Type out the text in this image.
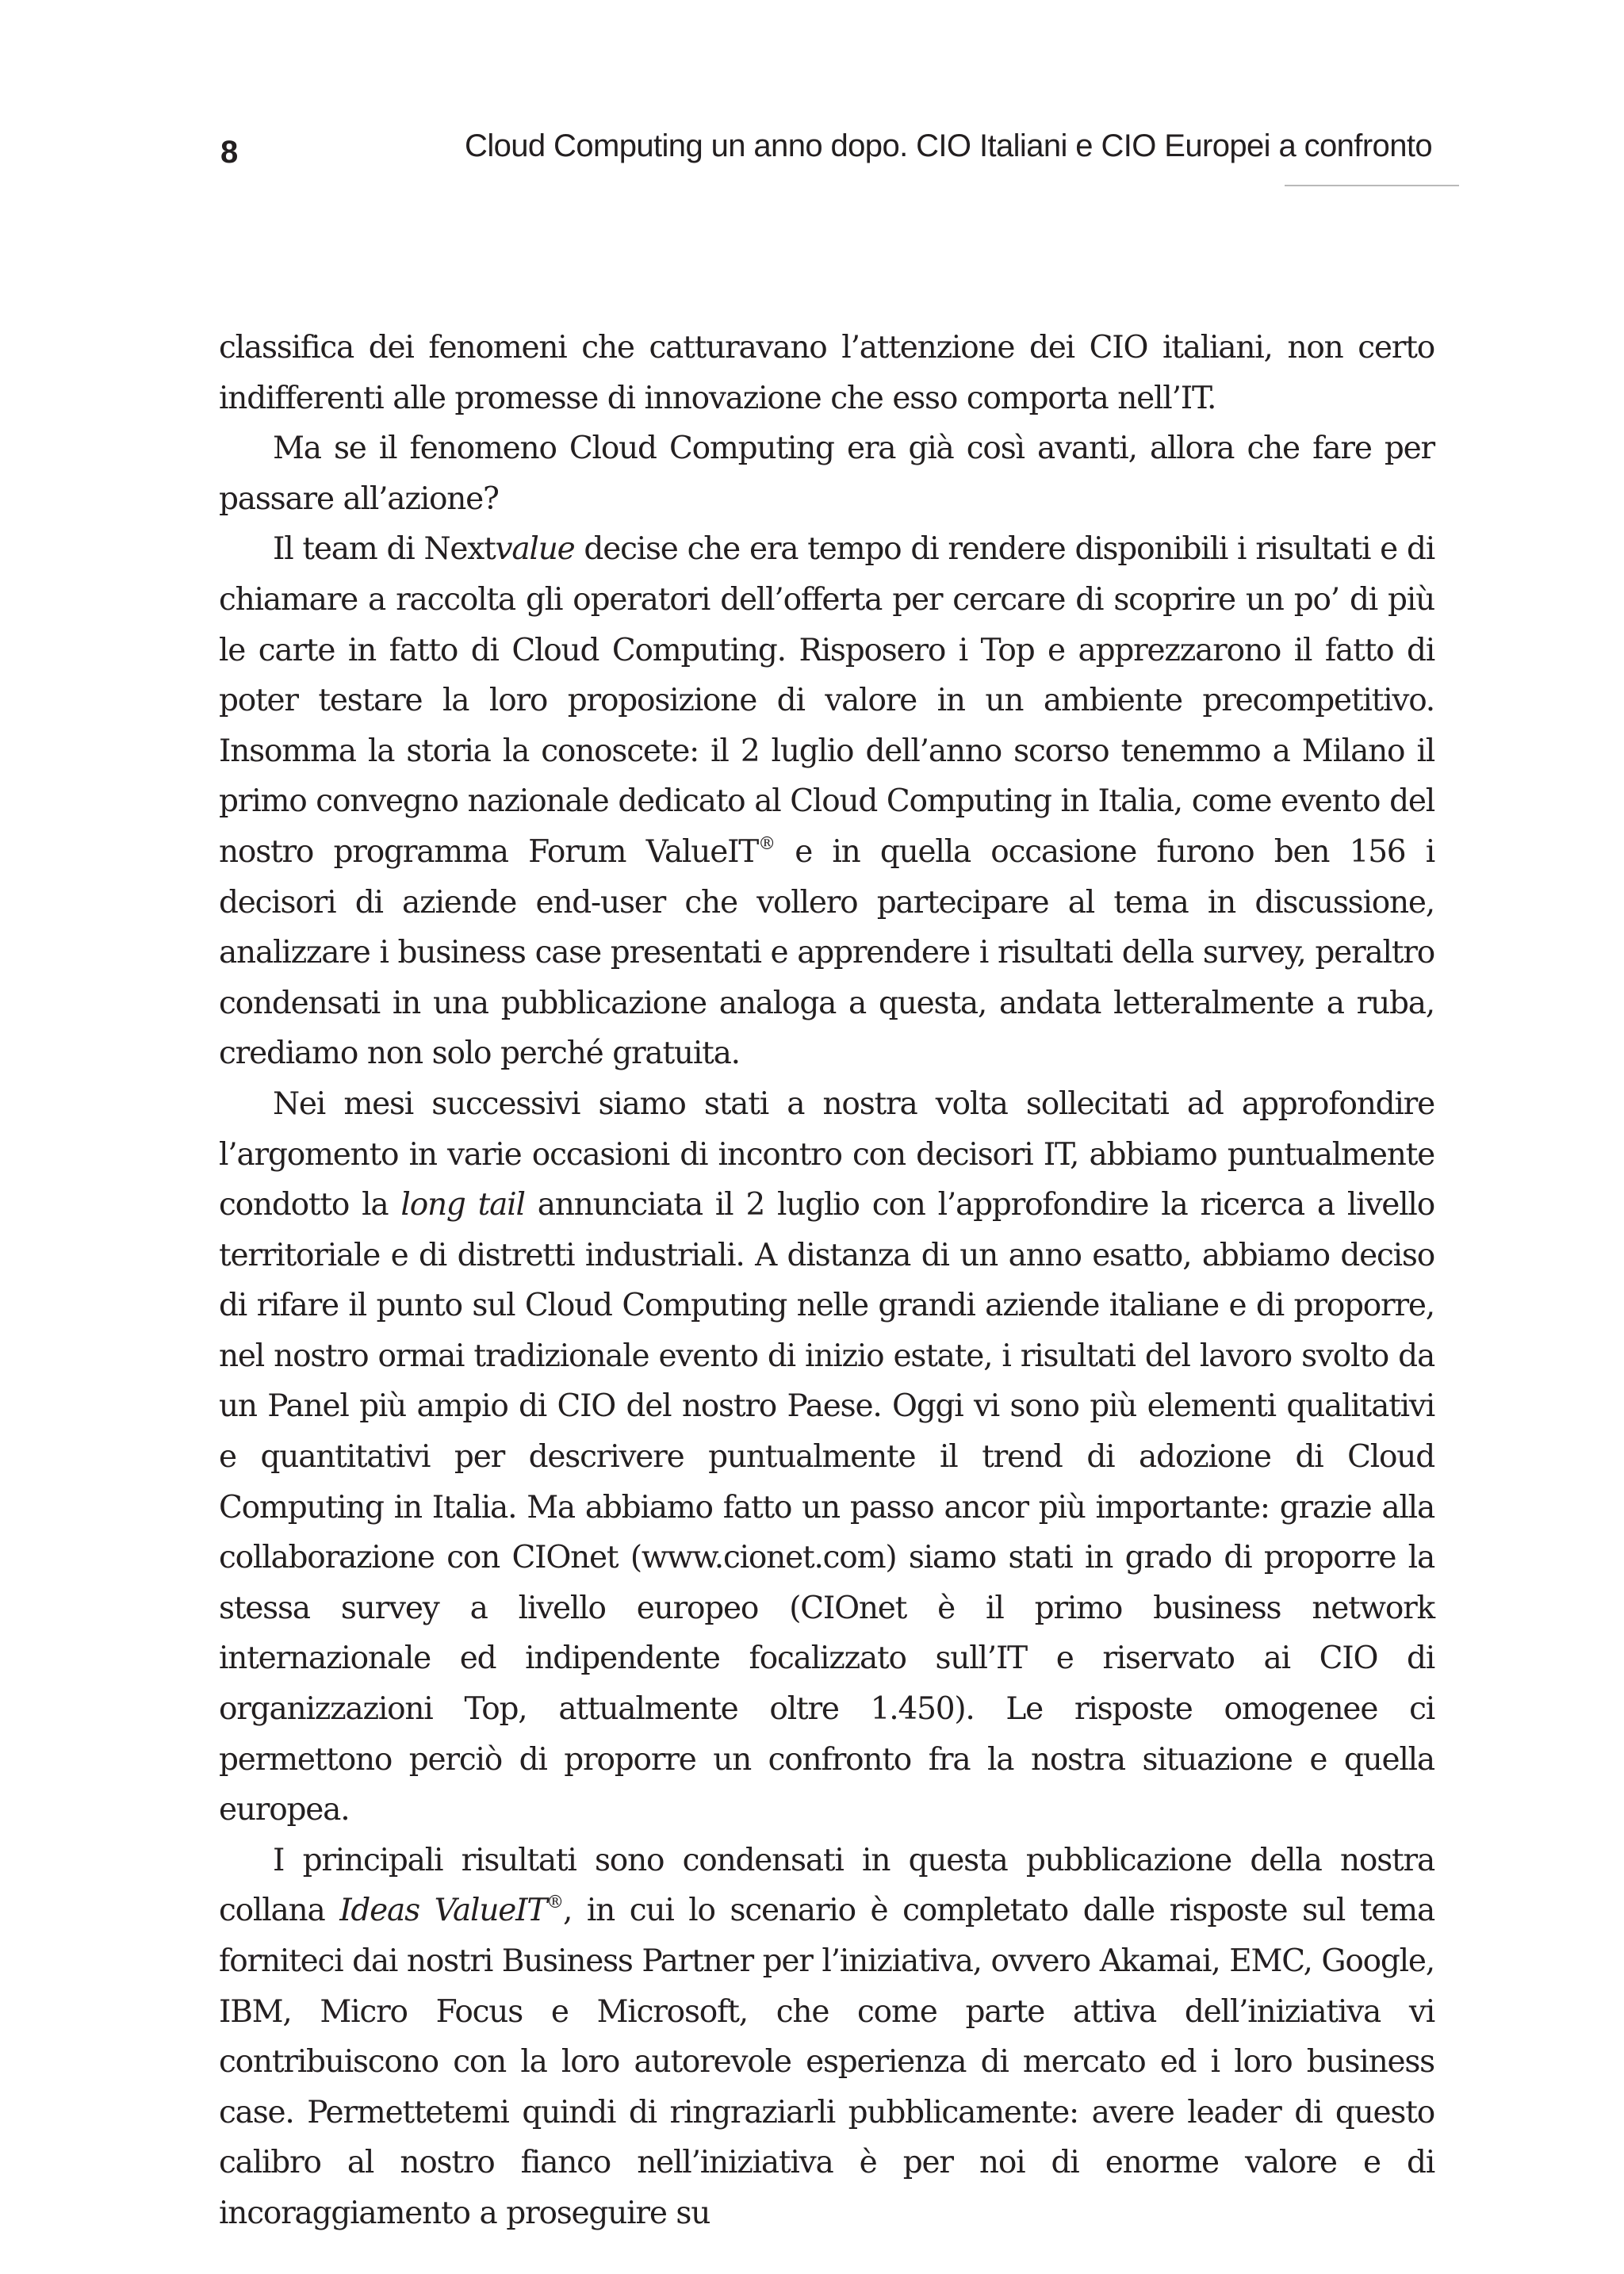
8	Cloud Computing un anno dopo. CIO Italiani e CIO Europei a confronto

classifica dei fenomeni che catturavano l’attenzione dei CIO italiani, non certo indifferenti alle promesse di innovazione che esso comporta nell’IT.

Ma se il fenomeno Cloud Computing era già così avanti, allora che fare per passare all’azione?

Il team di Nextvalue decise che era tempo di rendere disponibili i risultati e di chiamare a raccolta gli operatori dell’offerta per cercare di scoprire un po’ di più le carte in fatto di Cloud Computing. Risposero i Top e apprezzarono il fatto di poter testare la loro proposizione di valore in un ambiente precompetitivo. Insomma la storia la conoscete: il 2 luglio dell’anno scorso tenemmo a Milano il primo convegno nazionale dedicato al Cloud Computing in Italia, come evento del nostro programma Forum ValueIT® e in quella occasione furono ben 156 i decisori di aziende end-user che vollero partecipare al tema in discussione, analizzare i business case presentati e apprendere i risultati della survey, peraltro condensati in una pubblicazione analoga a questa, andata letteralmente a ruba, crediamo non solo perché gratuita.

Nei mesi successivi siamo stati a nostra volta sollecitati ad approfondire l’argomento in varie occasioni di incontro con decisori IT, abbiamo puntualmente condotto la long tail annunciata il 2 luglio con l’approfondire la ricerca a livello territoriale e di distretti industriali. A distanza di un anno esatto, abbiamo deciso di rifare il punto sul Cloud Computing nelle grandi aziende italiane e di proporre, nel nostro ormai tradizionale evento di inizio estate, i risultati del lavoro svolto da un Panel più ampio di CIO del nostro Paese. Oggi vi sono più elementi qualitativi e quantitativi per descrivere puntualmente il trend di adozione di Cloud Computing in Italia. Ma abbiamo fatto un passo ancor più importante: grazie alla collaborazione con CIOnet (www.cionet.com) siamo stati in grado di proporre la stessa survey a livello europeo (CIOnet è il primo business network internazionale ed indipendente focalizzato sull’IT e riservato ai CIO di organizzazioni Top, attualmente oltre 1.450). Le risposte omogenee ci permettono perciò di proporre un confronto fra la nostra situazione e quella europea.

I principali risultati sono condensati in questa pubblicazione della nostra collana Ideas ValueIT®, in cui lo scenario è completato dalle risposte sul tema forniteci dai nostri Business Partner per l’iniziativa, ovvero Akamai, EMC, Google, IBM, Micro Focus e Microsoft, che come parte attiva dell’iniziativa vi contribuiscono con la loro autorevole esperienza di mercato ed i loro business case. Permettetemi quindi di ringraziarli pubblicamente: avere leader di questo calibro al nostro fianco nell’iniziativa è per noi di enorme valore e di incoraggiamento a proseguire su
